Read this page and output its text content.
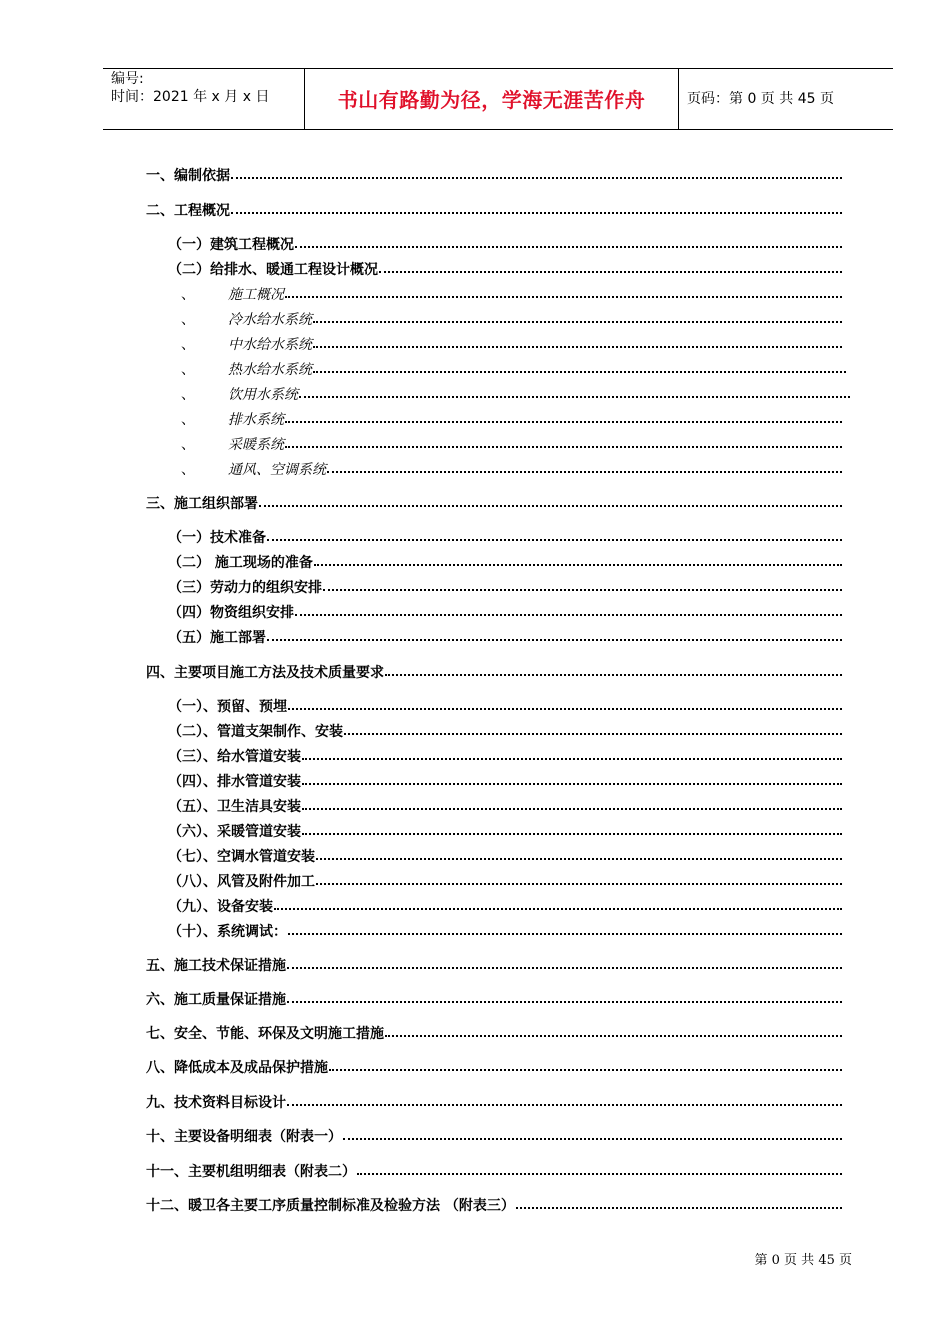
编号:
时间：2021 年 x 月 x 日	书山有路勤为径，学海无涯苦作舟	页码：第 0 页 共 45 页
一、编制依据
二、工程概况
（一）建筑工程概况
（二）给排水、暖通工程设计概况
、	施工概况
、	冷水给水系统
、	中水给水系统
、	热水给水系统
、	饮用水系统
、	排水系统
、	采暖系统
、	通风、空调系统
三、施工组织部署
（一）技术准备
（二） 施工现场的准备
（三）劳动力的组织安排
（四）物资组织安排
（五）施工部署
四、主要项目施工方法及技术质量要求
（一）、预留、预埋
（二）、管道支架制作、安装
（三）、给水管道安装
（四）、排水管道安装
（五）、卫生洁具安装
（六）、采暖管道安装
（七）、空调水管道安装
（八）、风管及附件加工
（九）、设备安装
（十）、系统调试：
五、施工技术保证措施
六、施工质量保证措施
七、安全、节能、环保及文明施工措施
八、降低成本及成品保护措施
九、技术资料目标设计
十、主要设备明细表（附表一）
十一、主要机组明细表（附表二）
十二、暖卫各主要工序质量控制标准及检验方法 （附表三）
第 0 页 共 45 页
